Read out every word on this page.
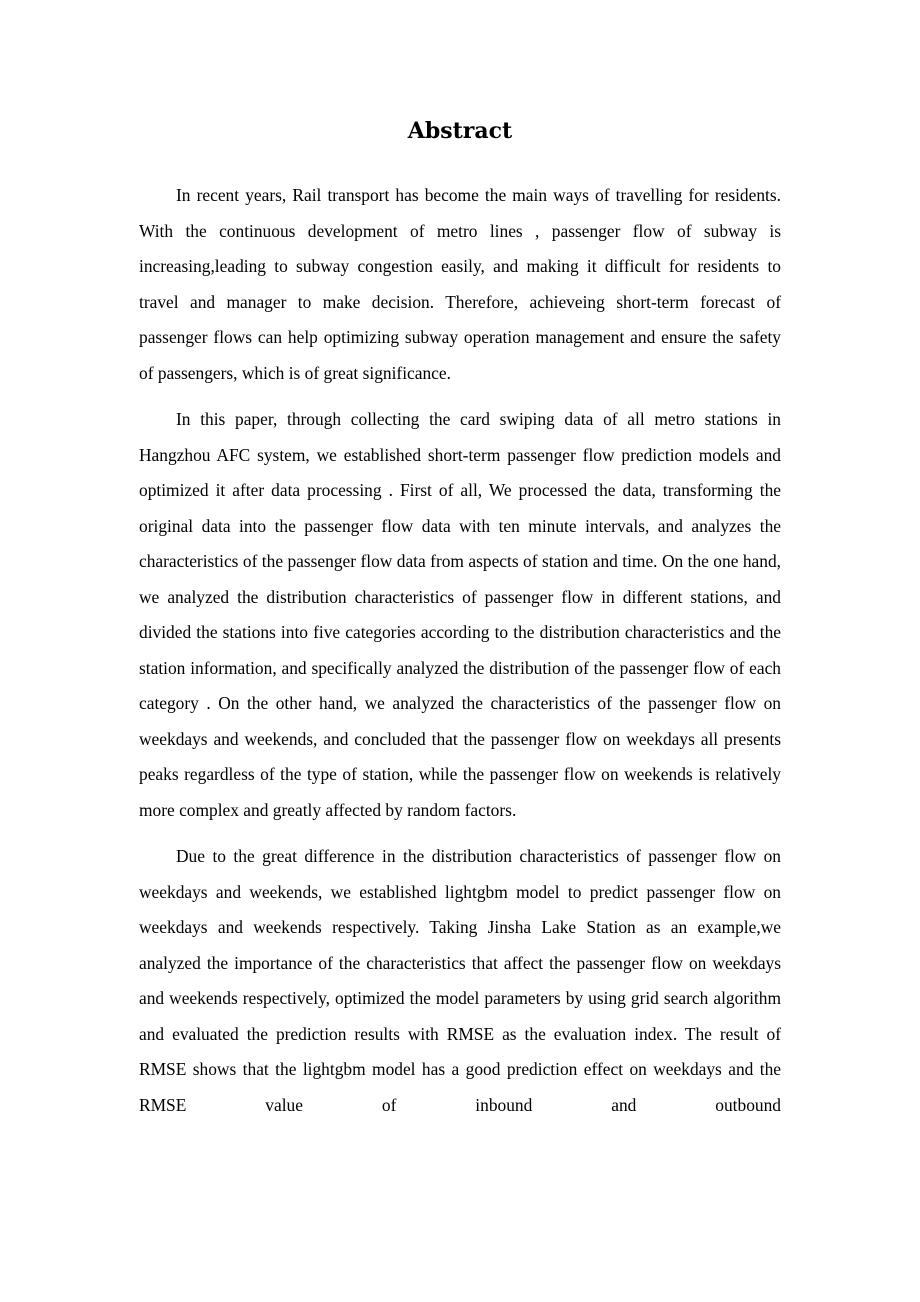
Abstract

In recent years, Rail transport has become the main ways of travelling for residents. With the continuous development of metro lines , passenger flow of subway is increasing,leading to subway congestion easily, and making it difficult for residents to travel and manager to make decision. Therefore, achieveing short-term forecast of passenger flows can help optimizing subway operation management and ensure the safety of passengers, which is of great significance.

In this paper, through collecting the card swiping data of all metro stations in Hangzhou AFC system, we established short-term passenger flow prediction models and optimized it after data processing . First of all, We processed the data, transforming the original data into the passenger flow data with ten minute intervals, and analyzes the characteristics of the passenger flow data from aspects of station and time. On the one hand, we analyzed the distribution characteristics of passenger flow in different stations, and divided the stations into five categories according to the distribution characteristics and the station information, and specifically analyzed the distribution of the passenger flow of each category . On the other hand, we analyzed the characteristics of the passenger flow on weekdays and weekends, and concluded that the passenger flow on weekdays all presents peaks regardless of the type of station, while the passenger flow on weekends is relatively more complex and greatly affected by random factors.

Due to the great difference in the distribution characteristics of passenger flow on weekdays and weekends, we established lightgbm model to predict passenger flow on weekdays and weekends respectively. Taking Jinsha Lake Station as an example,we analyzed the importance of the characteristics that affect the passenger flow on weekdays and weekends respectively, optimized the model parameters by using grid search algorithm and evaluated the prediction results with RMSE as the evaluation index. The result of RMSE shows that the lightgbm model has a good prediction effect on weekdays and the RMSE value of inbound and outbound
